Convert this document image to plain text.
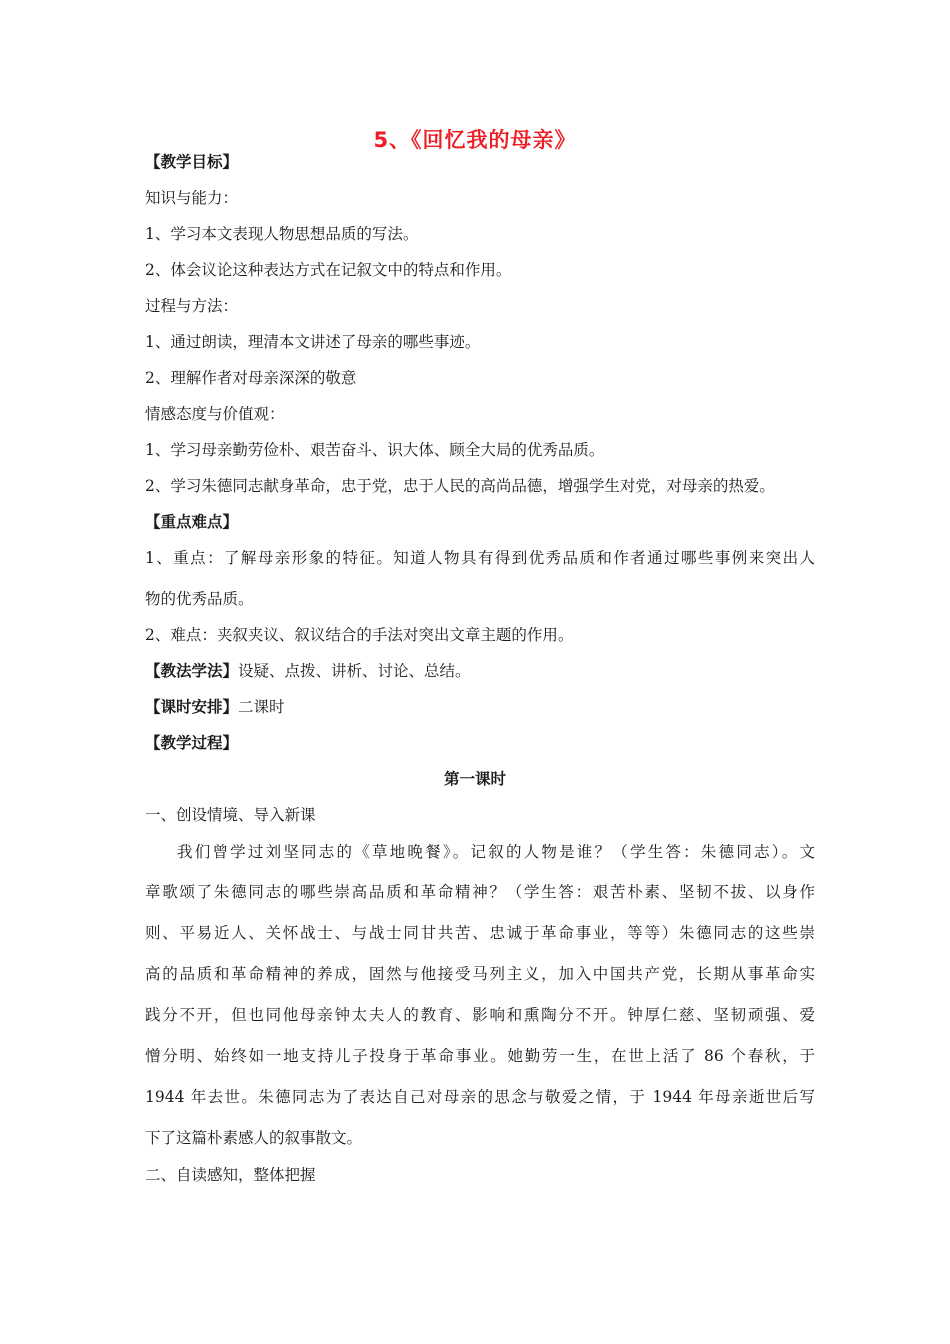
5、《回忆我的母亲》
【教学目标】
知识与能力：
1、学习本文表现人物思想品质的写法。
2、体会议论这种表达方式在记叙文中的特点和作用。
过程与方法：
1、通过朗读，理清本文讲述了母亲的哪些事迹。
2、理解作者对母亲深深的敬意
情感态度与价值观：
1、学习母亲勤劳俭朴、艰苦奋斗、识大体、顾全大局的优秀品质。
2、学习朱德同志献身革命，忠于党，忠于人民的高尚品德，增强学生对党，对母亲的热爱。
【重点难点】
1、重点：了解母亲形象的特征。知道人物具有得到优秀品质和作者通过哪些事例来突出人
物的优秀品质。
2、难点：夹叙夹议、叙议结合的手法对突出文章主题的作用。
【教法学法】设疑、点拨、讲析、讨论、总结。
【课时安排】二课时
【教学过程】
第一课时
一、创设情境、导入新课
我们曾学过刘坚同志的《草地晚餐》。记叙的人物是谁？（学生答：朱德同志）。文
章歌颂了朱德同志的哪些崇高品质和革命精神？（学生答：艰苦朴素、坚韧不拔、以身作
则、平易近人、关怀战士、与战士同甘共苦、忠诚于革命事业，等等）朱德同志的这些崇
高的品质和革命精神的养成，固然与他接受马列主义，加入中国共产党，长期从事革命实
践分不开，但也同他母亲钟太夫人的教育、影响和熏陶分不开。钟厚仁慈、坚韧顽强、爱
憎分明、始终如一地支持儿子投身于革命事业。她勤劳一生，在世上活了 86 个春秋，于
1944 年去世。朱德同志为了表达自己对母亲的思念与敬爱之情，于 1944 年母亲逝世后写
下了这篇朴素感人的叙事散文。
二、自读感知，整体把握
